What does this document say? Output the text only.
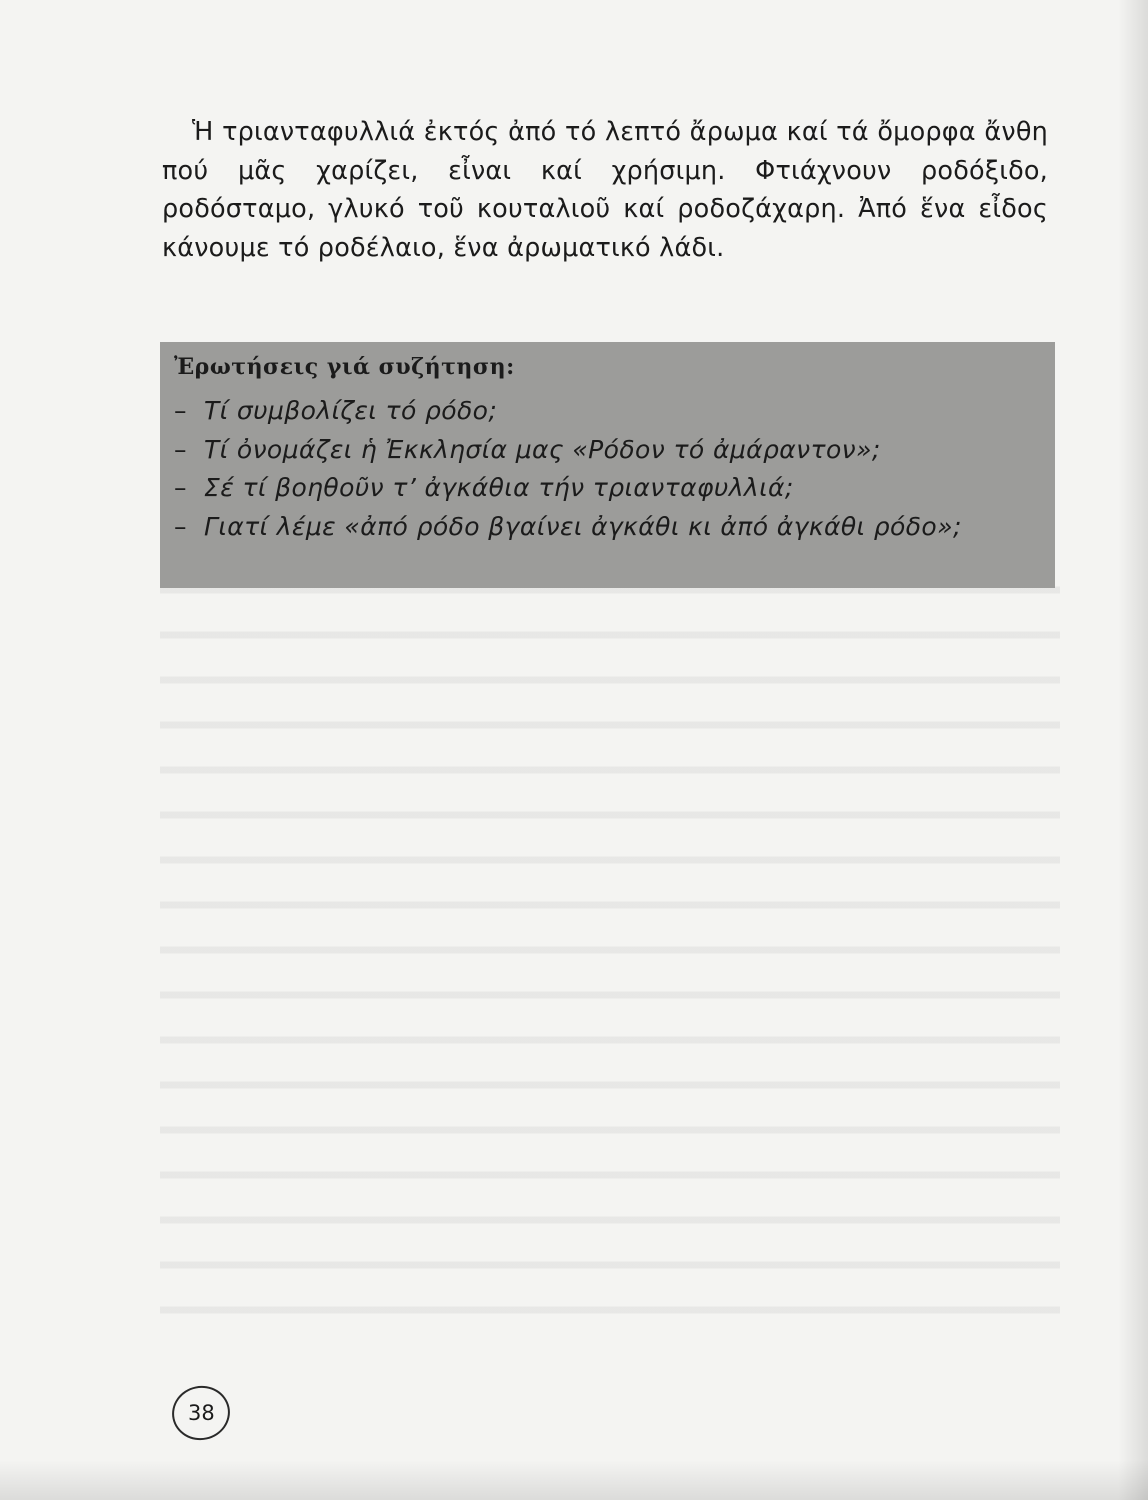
Ἡ τριανταφυλλιά ἐκτός ἀπό τό λεπτό ἄρωμα καί τά ὄμορφα ἄνθη πού μᾶς χαρίζει, εἶναι καί χρήσιμη. Φτιάχνουν ροδόξιδο, ροδόσταμο, γλυκό τοῦ κουταλιοῦ καί ροδοζάχαρη. Ἀπό ἕνα εἶδος κάνουμε τό ροδέλαιο, ἕνα ἀρωματικό λάδι.

Ἐρωτήσεις γιά συζήτηση:

– Τί συμβολίζει τό ρόδο;
– Τί ὀνομάζει ἡ Ἐκκλησία μας «Ρόδον τό ἀμάραντον»;
– Σέ τί βοηθοῦν τ’ ἀγκάθια τήν τριανταφυλλιά;
– Γιατί λέμε «ἀπό ρόδο βγαίνει ἀγκάθι κι ἀπό ἀγκάθι ρόδο»;
38
